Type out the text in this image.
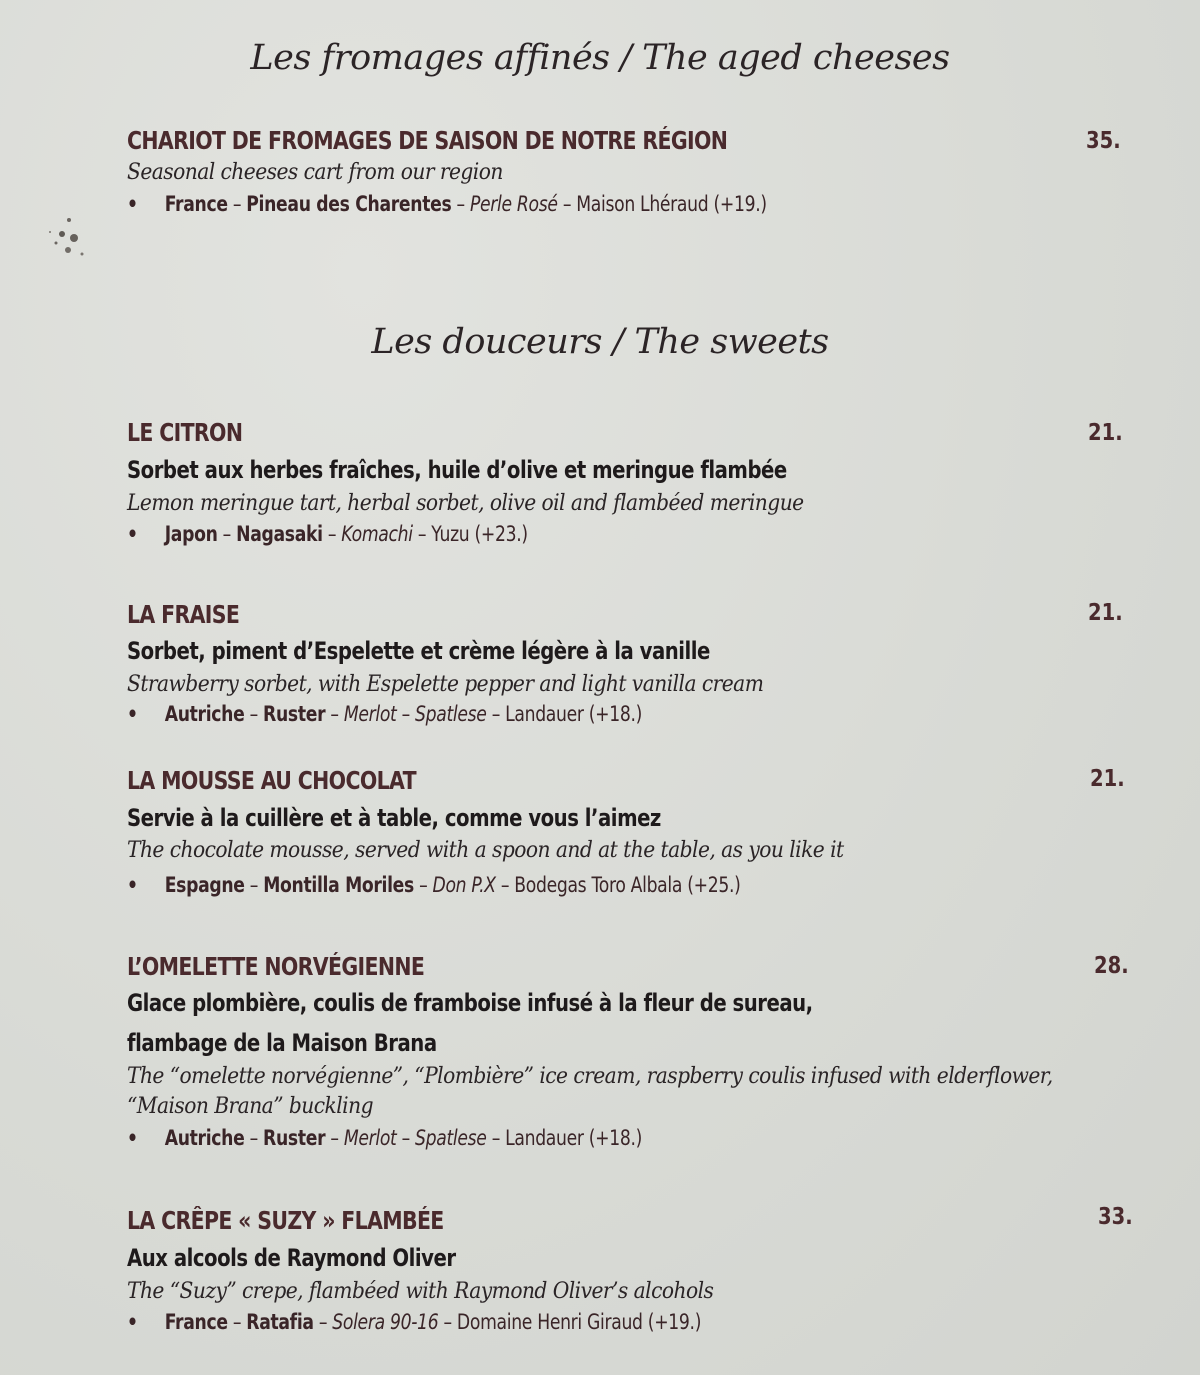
Les fromages affinés / The aged cheeses
CHARIOT DE FROMAGES DE SAISON DE NOTRE RÉGION	35.
Seasonal cheeses cart from our region
• France – Pineau des Charentes – Perle Rosé – Maison Lhéraud (+19.)
Les douceurs / The sweets
LE CITRON	21.
Sorbet aux herbes fraîches, huile d’olive et meringue flambée
Lemon meringue tart, herbal sorbet, olive oil and flambéed meringue
• Japon – Nagasaki – Komachi – Yuzu (+23.)
LA FRAISE	21.
Sorbet, piment d’Espelette et crème légère à la vanille
Strawberry sorbet, with Espelette pepper and light vanilla cream
• Autriche – Ruster – Merlot – Spatlese – Landauer (+18.)
LA MOUSSE AU CHOCOLAT	21.
Servie à la cuillère et à table, comme vous l’aimez
The chocolate mousse, served with a spoon and at the table, as you like it
• Espagne – Montilla Moriles – Don P.X – Bodegas Toro Albala (+25.)
L’OMELETTE NORVÉGIENNE	28.
Glace plombière, coulis de framboise infusé à la fleur de sureau,
flambage de la Maison Brana
The “omelette norvégienne”, “Plombière” ice cream, raspberry coulis infused with elderflower,
“Maison Brana” buckling
• Autriche – Ruster – Merlot – Spatlese – Landauer (+18.)
LA CRÊPE « SUZY » FLAMBÉE	33.
Aux alcools de Raymond Oliver
The “Suzy” crepe, flambéed with Raymond Oliver’s alcohols
• France – Ratafia – Solera 90-16 – Domaine Henri Giraud (+19.)
